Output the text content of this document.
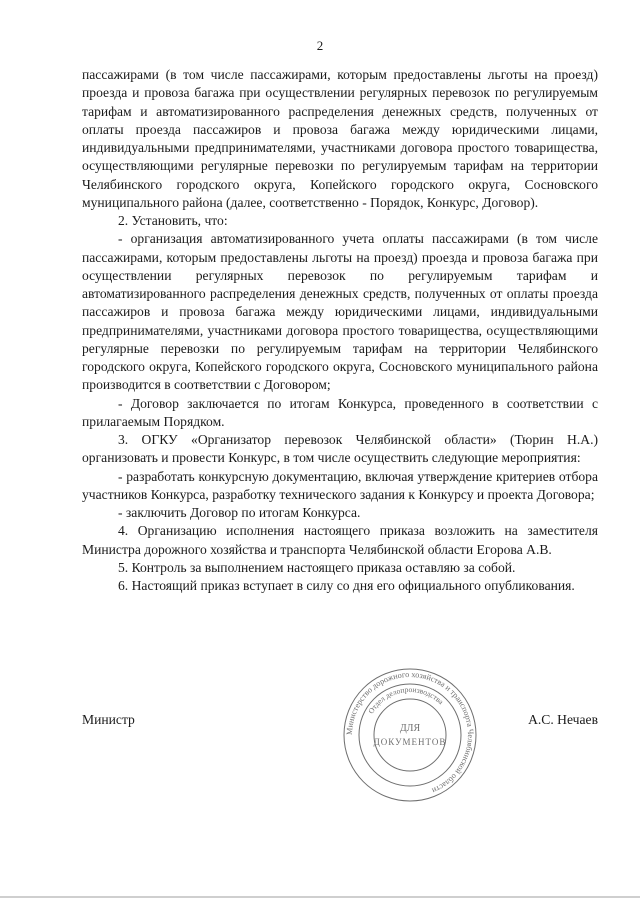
2

пассажирами (в том числе пассажирами, которым предоставлены льготы на проезд) проезда и провоза багажа при осуществлении регулярных перевозок по регулируемым тарифам и автоматизированного распределения денежных средств, полученных от оплаты проезда пассажиров и провоза багажа между юридическими лицами, индивидуальными предпринимателями, участниками договора простого товарищества, осуществляющими регулярные перевозки по регулируемым тарифам на территории Челябинского городского округа, Копейского городского округа, Сосновского муниципального района (далее, соответственно - Порядок, Конкурс, Договор).

2. Установить, что:

- организация автоматизированного учета оплаты пассажирами (в том числе пассажирами, которым предоставлены льготы на проезд) проезда и провоза багажа при осуществлении регулярных перевозок по регулируемым тарифам и автоматизированного распределения денежных средств, полученных от оплаты проезда пассажиров и провоза багажа между юридическими лицами, индивидуальными предпринимателями, участниками договора простого товарищества, осуществляющими регулярные перевозки по регулируемым тарифам на территории Челябинского городского округа, Копейского городского округа, Сосновского муниципального района производится в соответствии с Договором;

- Договор заключается по итогам Конкурса, проведенного в соответствии с прилагаемым Порядком.

3. ОГКУ «Организатор перевозок Челябинской области» (Тюрин Н.А.) организовать и провести Конкурс, в том числе осуществить следующие мероприятия:

- разработать конкурсную документацию, включая утверждение критериев отбора участников Конкурса, разработку технического задания к Конкурсу и проекта Договора;

- заключить Договор по итогам Конкурса.

4. Организацию исполнения настоящего приказа возложить на заместителя Министра дорожного хозяйства и транспорта Челябинской области Егорова А.В.

5. Контроль за выполнением настоящего приказа оставляю за собой.

6. Настоящий приказ вступает в силу со дня его официального опубликования.

Министр	А.С. Нечаев
Министерство дорожного хозяйства и транспорта Челябинской области
Отдел делопроизводства
ДЛЯ
ДОКУМЕНТОВ
